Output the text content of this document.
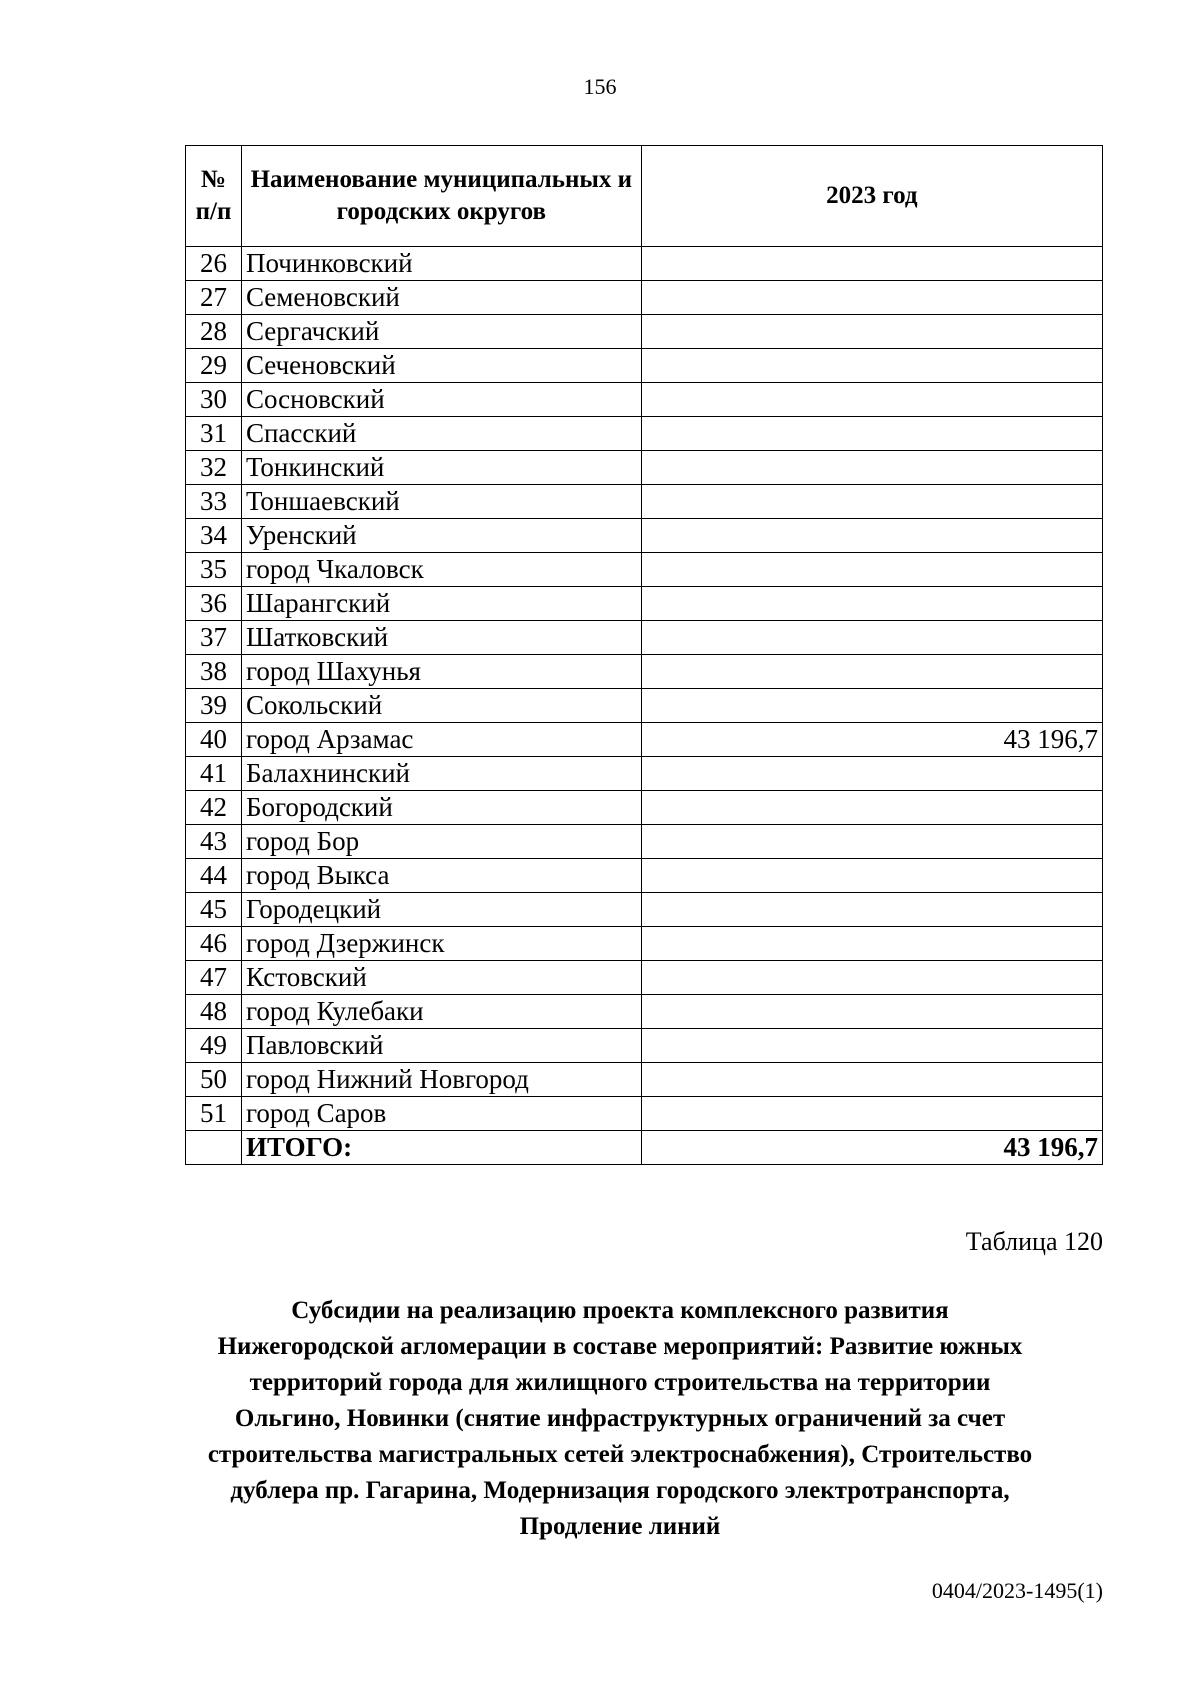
156
№ п/п	Наименование муниципальных и городских округов	2023 год
26	Починковский	
27	Семеновский	
28	Сергачский	
29	Сеченовский	
30	Сосновский	
31	Спасский	
32	Тонкинский	
33	Тоншаевский	
34	Уренский	
35	город Чкаловск	
36	Шарангский	
37	Шатковский	
38	город Шахунья	
39	Сокольский	
40	город Арзамас	43 196,7
41	Балахнинский	
42	Богородский	
43	город Бор	
44	город Выкса	
45	Городецкий	
46	город Дзержинск	
47	Кстовский	
48	город Кулебаки	
49	Павловский	
50	город Нижний Новгород	
51	город Саров	
	ИТОГО:	43 196,7
Таблица 120
Субсидии на реализацию проекта комплексного развития Нижегородской агломерации в составе мероприятий: Развитие южных территорий города для жилищного строительства на территории Ольгино, Новинки (снятие инфраструктурных ограничений за счет строительства магистральных сетей электроснабжения), Строительство дублера пр. Гагарина, Модернизация городского электротранспорта, Продление линий
0404/2023-1495(1)
